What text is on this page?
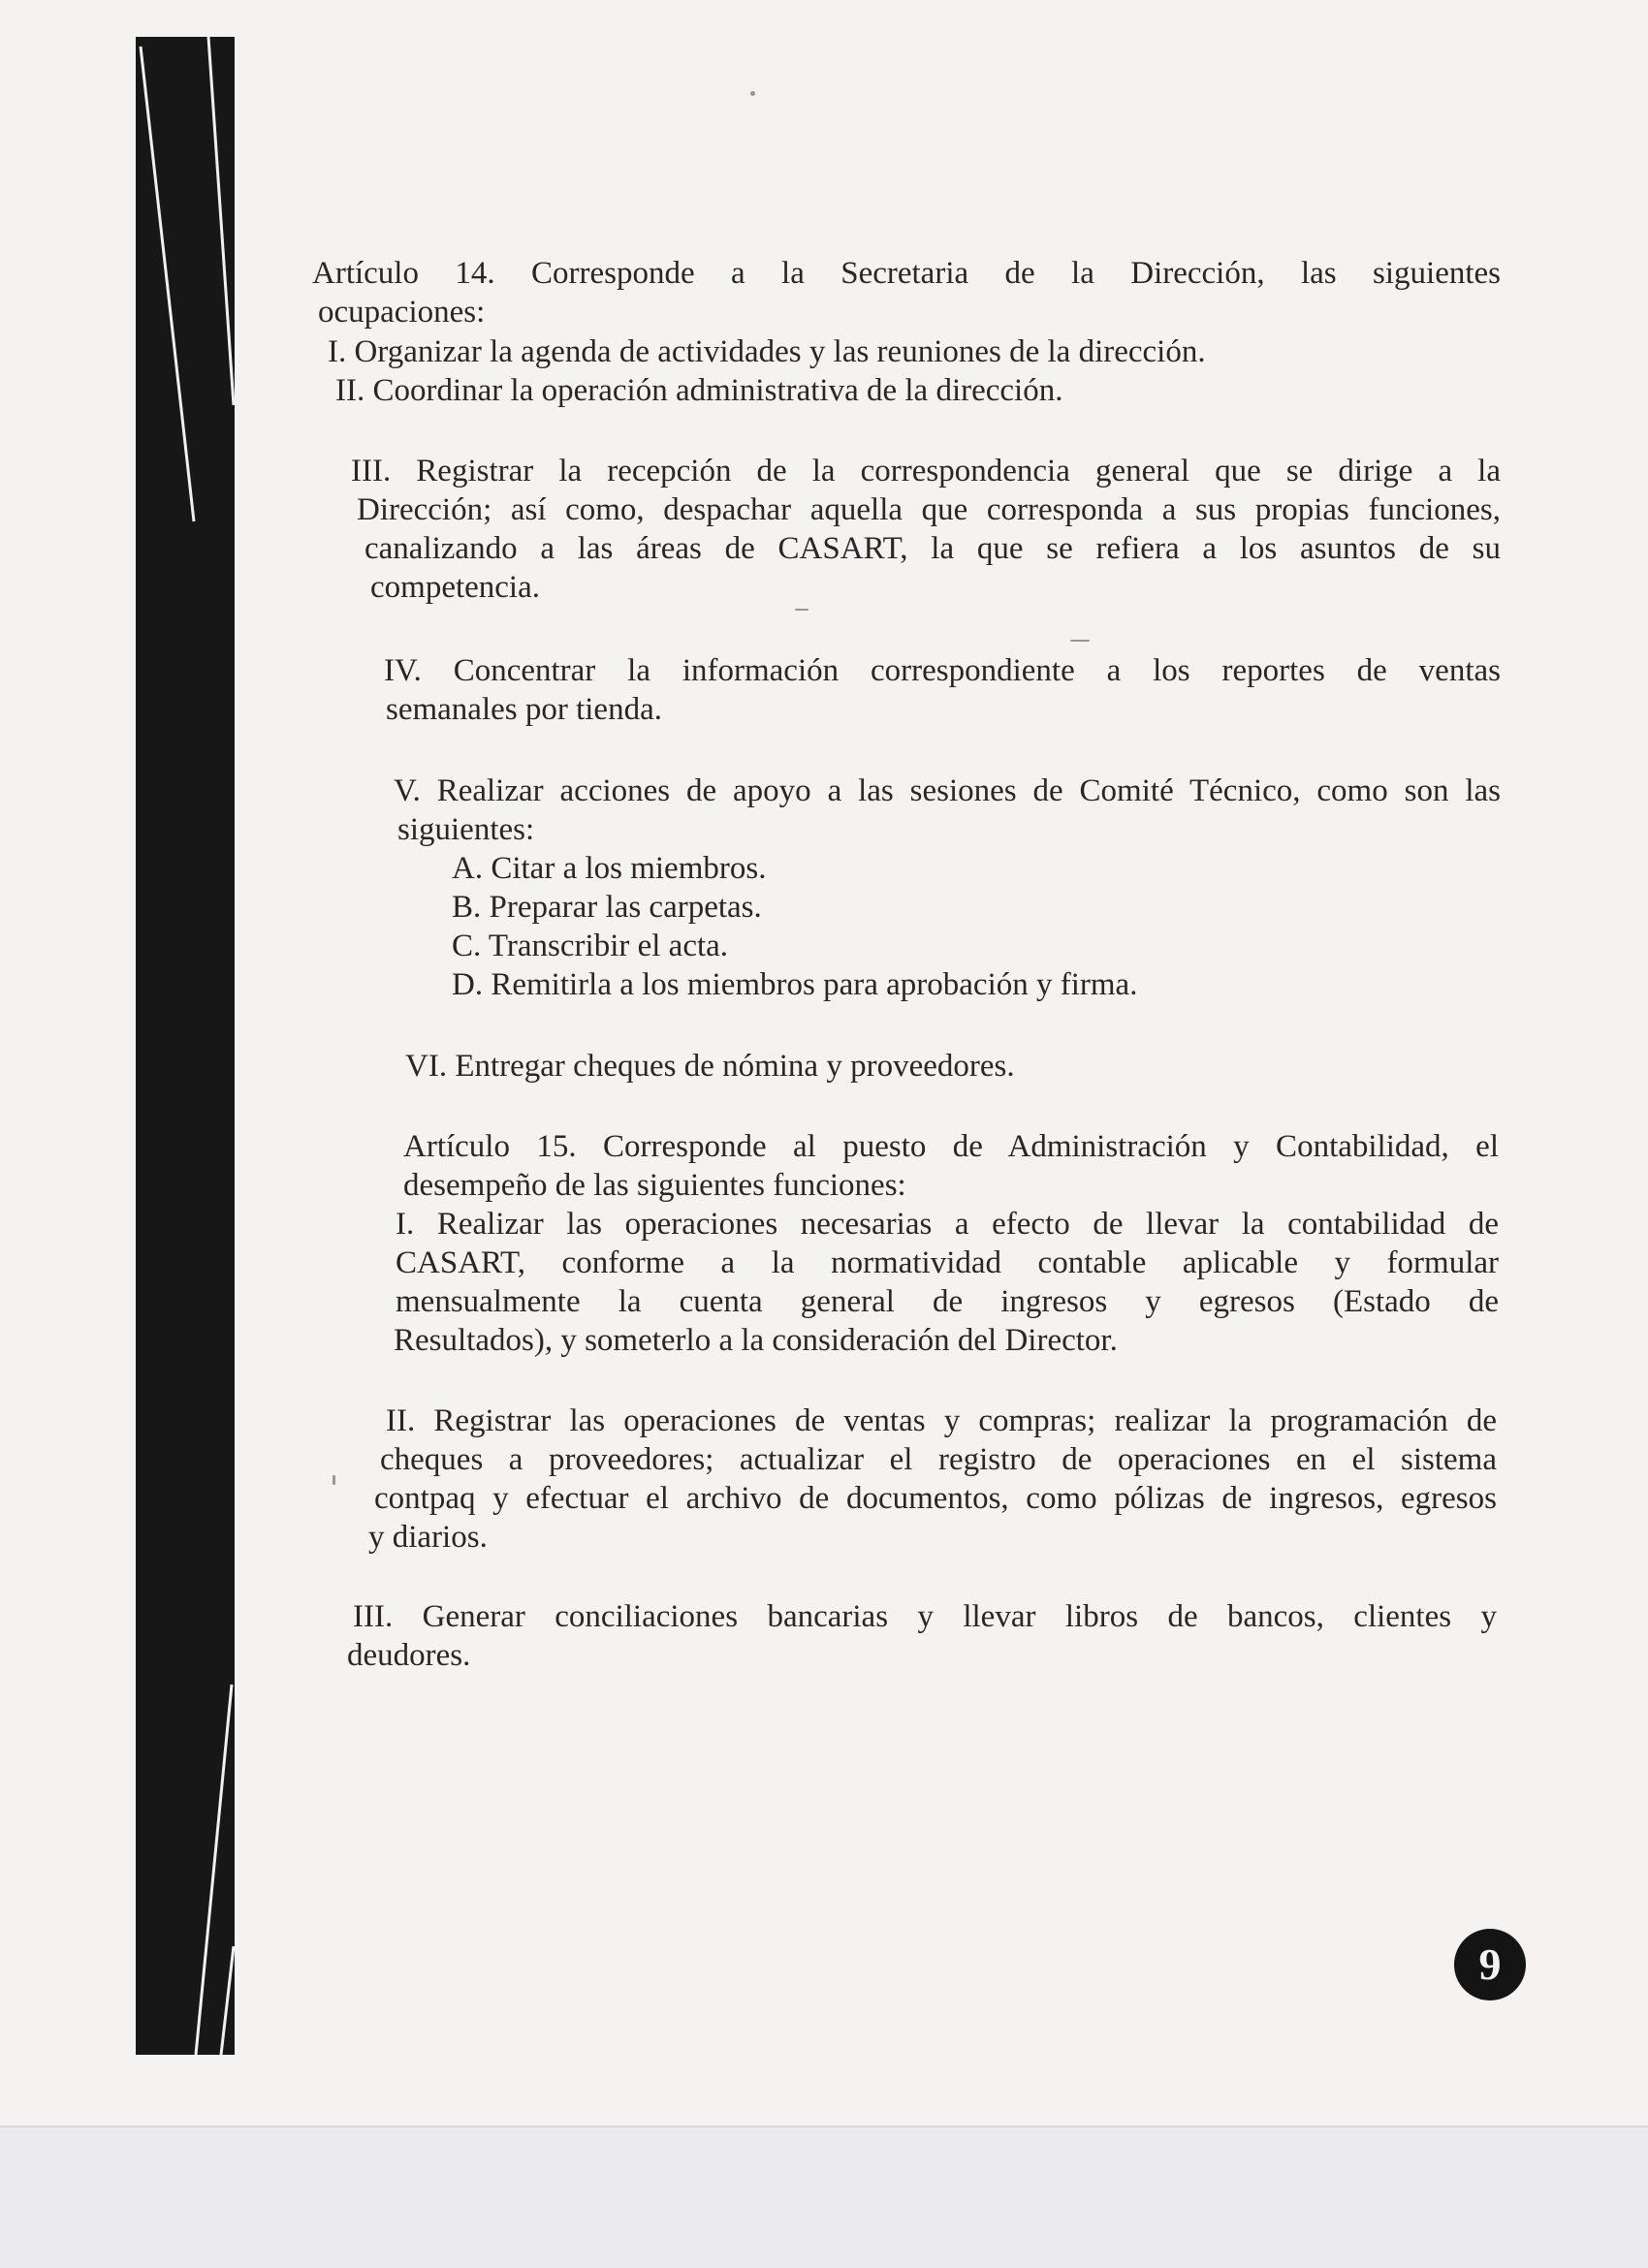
Artículo 14. Corresponde a la Secretaria de la Dirección, las siguientes
ocupaciones:
I. Organizar la agenda de actividades y las reuniones de la dirección.
II. Coordinar la operación administrativa de la dirección.
III. Registrar la recepción de la correspondencia general que se dirige a la
Dirección; así como, despachar aquella que corresponda a sus propias funciones,
canalizando a las áreas de CASART, la que se refiera a los asuntos de su
competencia.
IV. Concentrar la información correspondiente a los reportes de ventas
semanales por tienda.
V. Realizar acciones de apoyo a las sesiones de Comité Técnico, como son las
siguientes:
A. Citar a los miembros.
B. Preparar las carpetas.
C. Transcribir el acta.
D. Remitirla a los miembros para aprobación y firma.
VI. Entregar cheques de nómina y proveedores.
Artículo 15. Corresponde al puesto de Administración y Contabilidad, el
desempeño de las siguientes funciones:
I. Realizar las operaciones necesarias a efecto de llevar la contabilidad de
CASART, conforme a la normatividad contable aplicable y formular
mensualmente la cuenta general de ingresos y egresos (Estado de
Resultados), y someterlo a la consideración del Director.
II. Registrar las operaciones de ventas y compras; realizar la programación de
cheques a proveedores; actualizar el registro de operaciones en el sistema
contpaq y efectuar el archivo de documentos, como pólizas de ingresos, egresos
y diarios.
III. Generar conciliaciones bancarias y llevar libros de bancos, clientes y
deudores.
9
